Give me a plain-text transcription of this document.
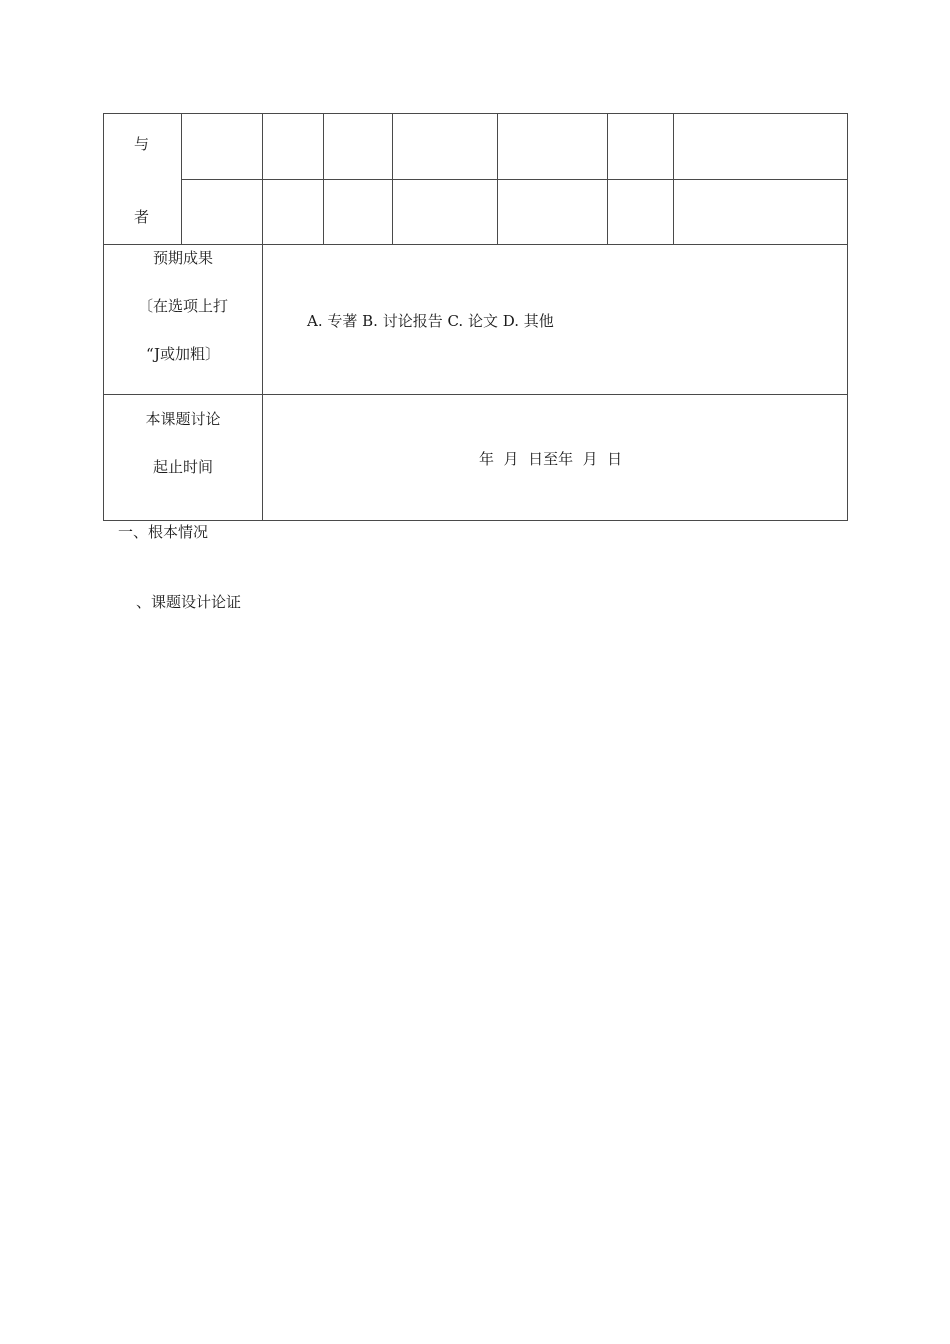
与
者
预期成果
〔在选项上打
“J或加粗〕
A. 专著 B. 讨论报告 C. 论文 D. 其他
本课题讨论
起止时间	年  月  日至年  月  日
一、根本情况
、课题设计论证
